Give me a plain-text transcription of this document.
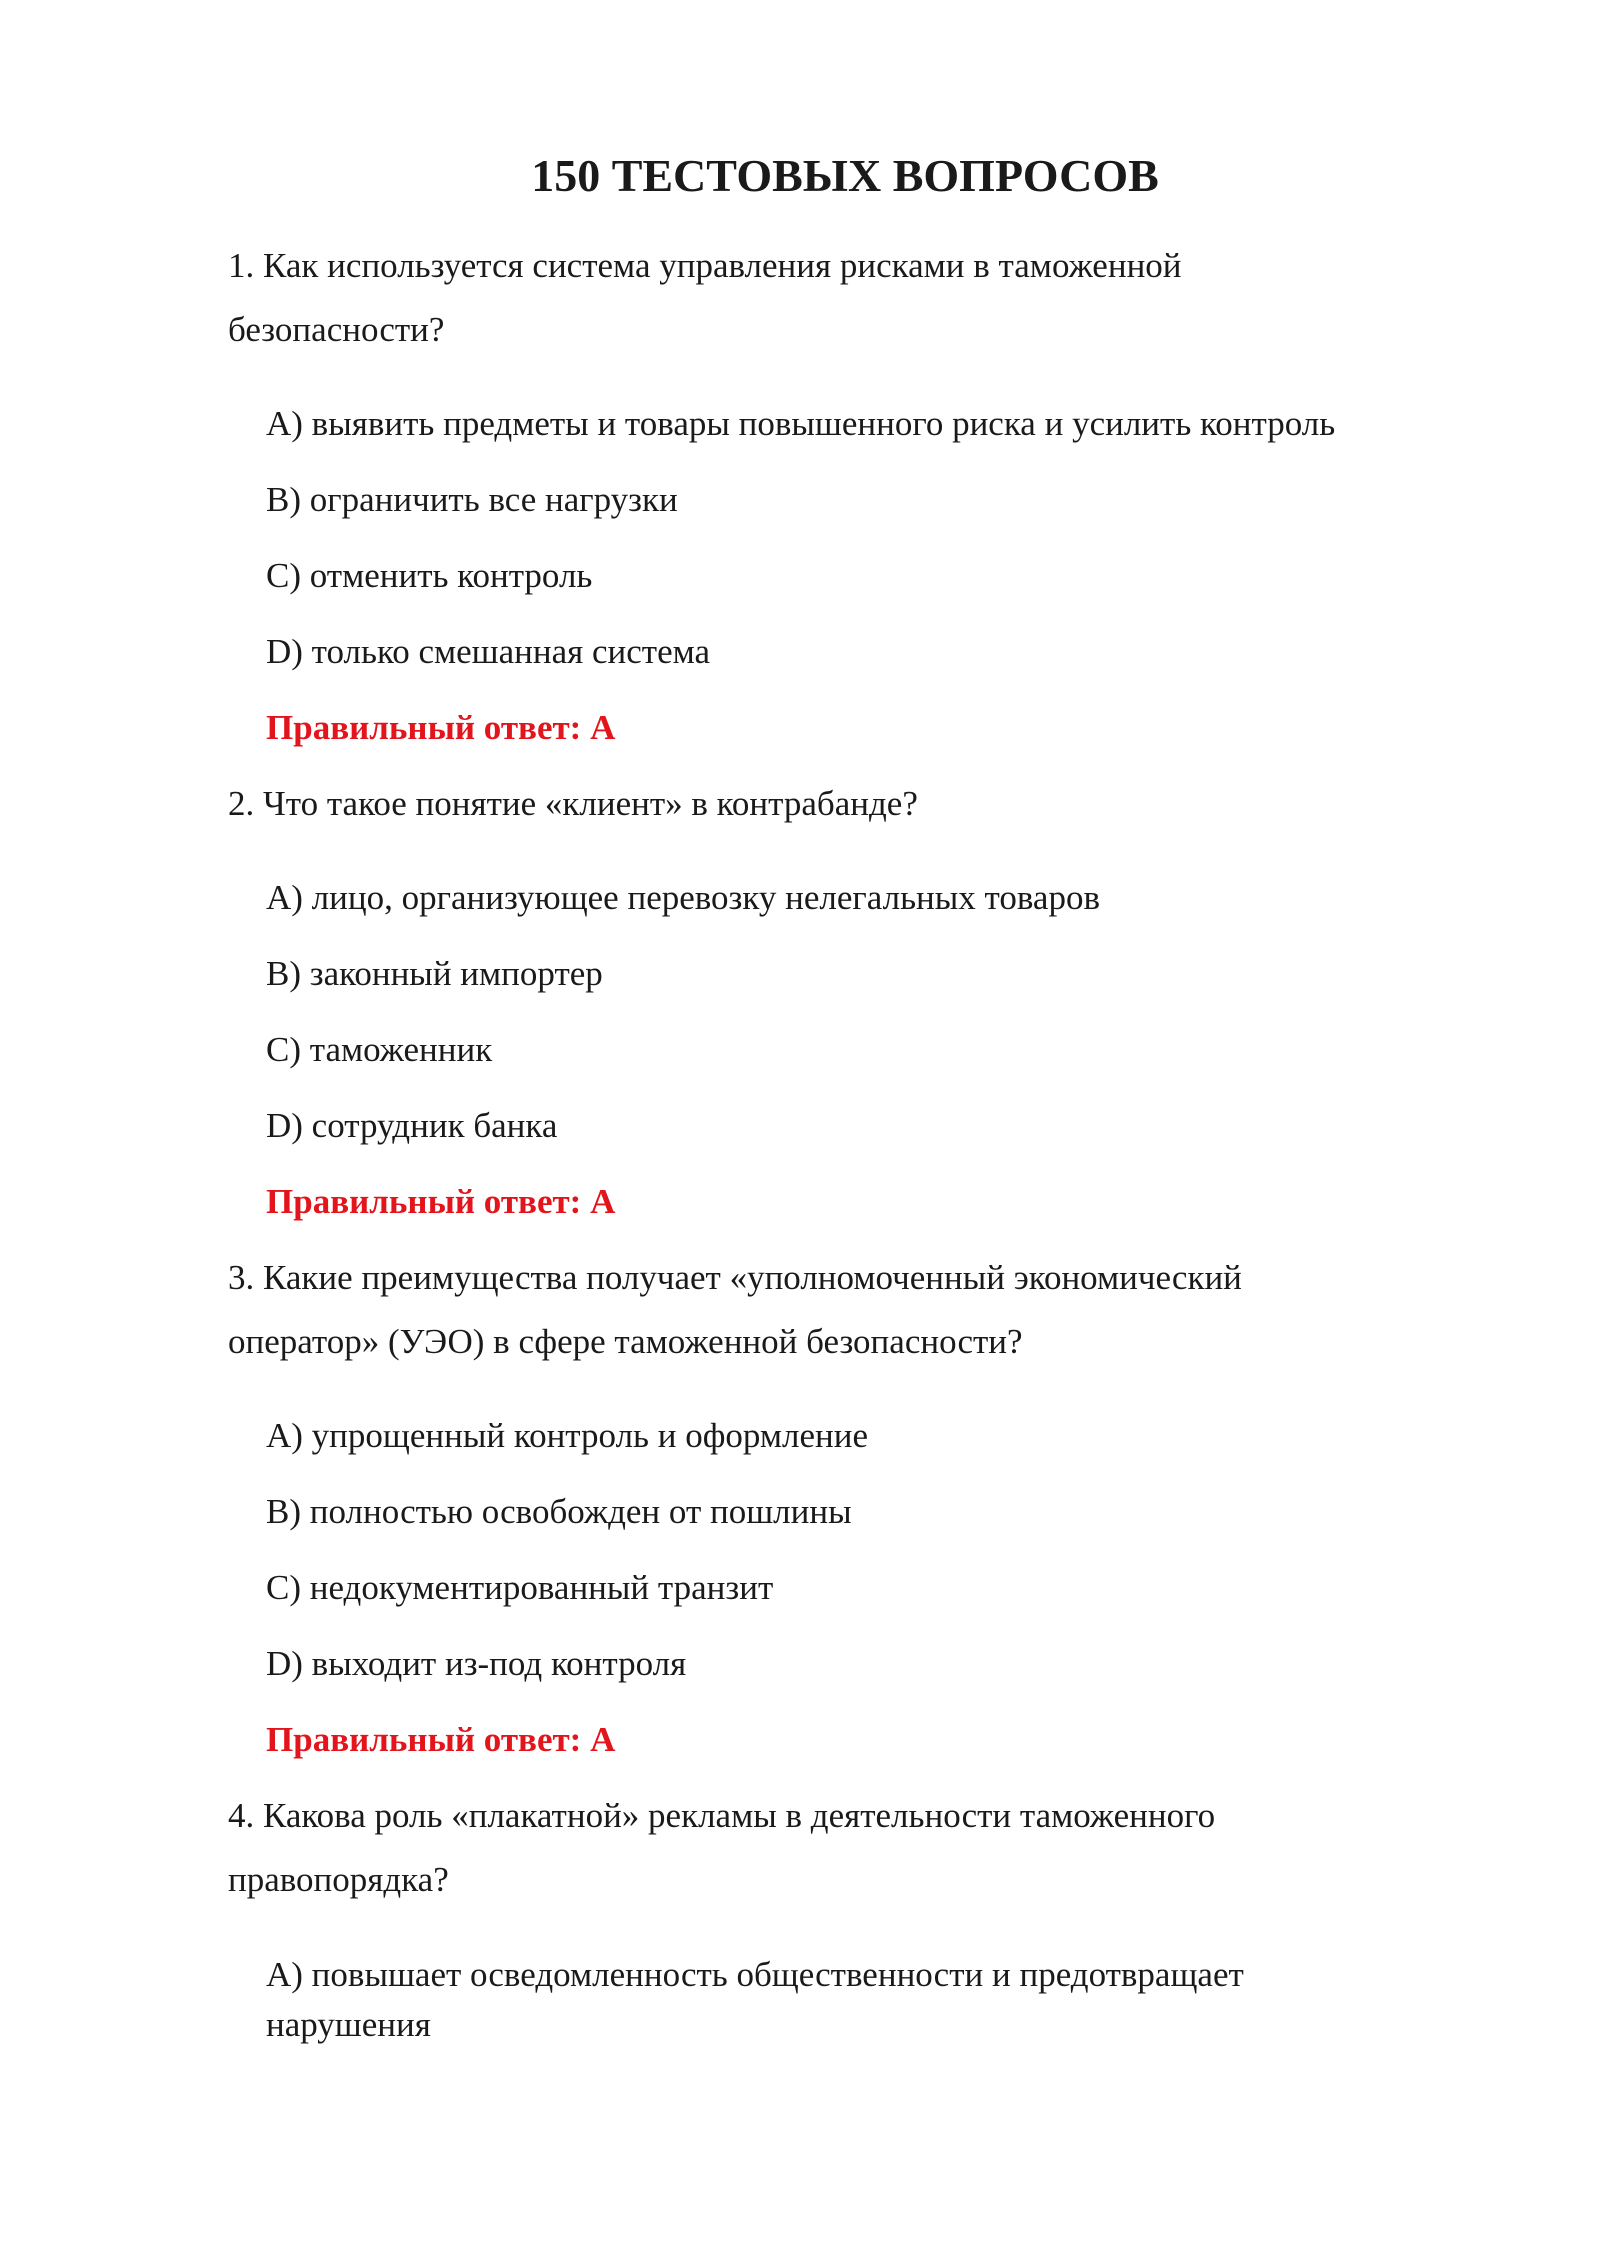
150 ТЕСТОВЫХ ВОПРОСОВ
1. Как используется система управления рисками в таможенной безопасности?
A) выявить предметы и товары повышенного риска и усилить контроль
B) ограничить все нагрузки
C) отменить контроль
D) только смешанная система
Правильный ответ: A
2. Что такое понятие «клиент» в контрабанде?
A) лицо, организующее перевозку нелегальных товаров
B) законный импортер
C) таможенник
D) сотрудник банка
Правильный ответ: A
3. Какие преимущества получает «уполномоченный экономический оператор» (УЭО) в сфере таможенной безопасности?
A) упрощенный контроль и оформление
B) полностью освобожден от пошлины
C) недокументированный транзит
D) выходит из-под контроля
Правильный ответ: A
4. Какова роль «плакатной» рекламы в деятельности таможенного правопорядка?
A) повышает осведомленность общественности и предотвращает нарушения
